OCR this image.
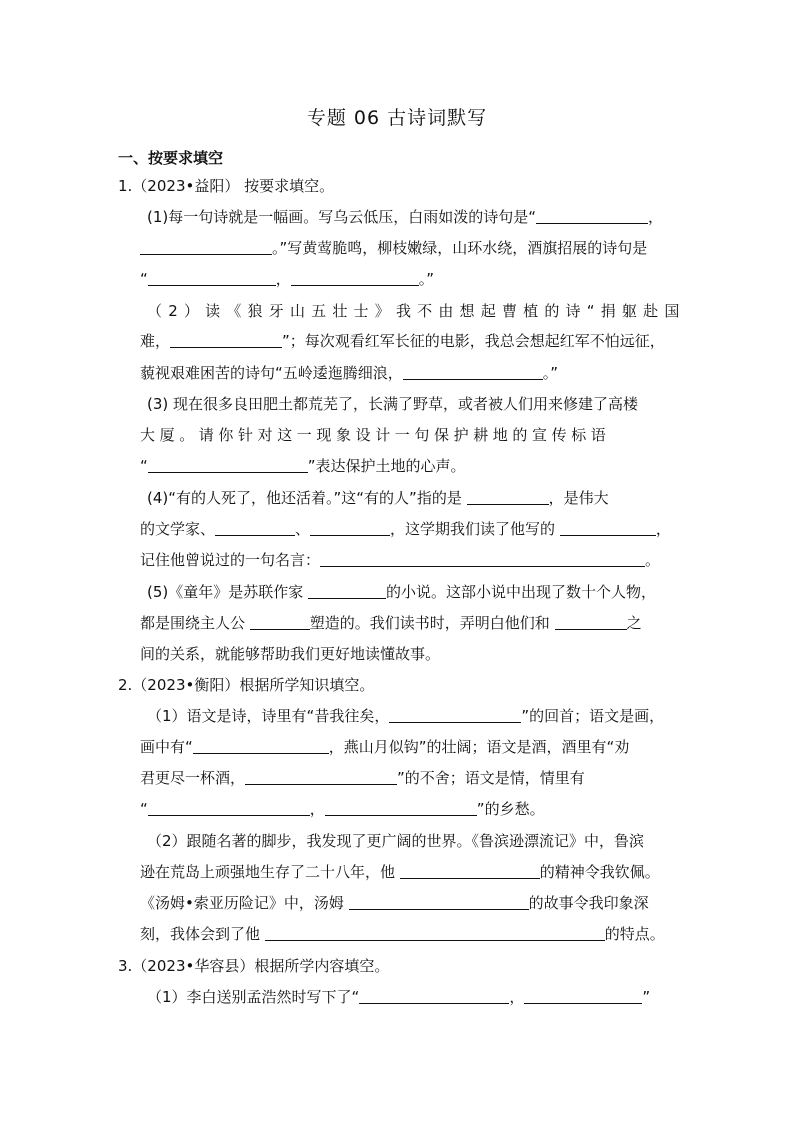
专题 06 古诗词默写
一、按要求填空
1.（2023•益阳） 按要求填空。
(1)每一句诗就是一幅画。写乌云低压，白雨如泼的诗句是“	，
。”写黄莺脆鸣，柳枝嫩绿，山环水绕，酒旗招展的诗句是
“	，	。”
（2）读《狼牙山五壮士》我不由想起曹植的诗“捐躯赴国
难，	”；每次观看红军长征的电影，我总会想起红军不怕远征，
藐视艰难困苦的诗句“五岭逶迤腾细浪，	。”
(3) 现在很多良田肥土都荒芜了，长满了野草，或者被人们用来修建了高楼
大厦。请你针对这一现象设计一句保护耕地的宣传标语
“	”表达保护土地的心声。
(4)“有的人死了，他还活着。”这“有的人”指的是	，是伟大
的文学家、	、	，这学期我们读了他写的	，
记住他曾说过的一句名言：	。
(5)《童年》是苏联作家	的小说。这部小说中出现了数十个人物，
都是围绕主人公	塑造的。我们读书时，弄明白他们和	之
间的关系，就能够帮助我们更好地读懂故事。
2.（2023•衡阳）根据所学知识填空。
（1）语文是诗，诗里有“昔我往矣，	”的回首；语文是画，
画中有“	，燕山月似钩”的壮阔；语文是酒，酒里有“劝
君更尽一杯酒，	”的不舍；语文是情，情里有
“	，	”的乡愁。
（2）跟随名著的脚步，我发现了更广阔的世界。《鲁滨逊漂流记》中，鲁滨
逊在荒岛上顽强地生存了二十八年，他	的精神令我钦佩。
《汤姆•索亚历险记》中，汤姆	的故事令我印象深
刻，我体会到了他	的特点。
3.（2023•华容县）根据所学内容填空。
（1）李白送别孟浩然时写下了“	，	”
